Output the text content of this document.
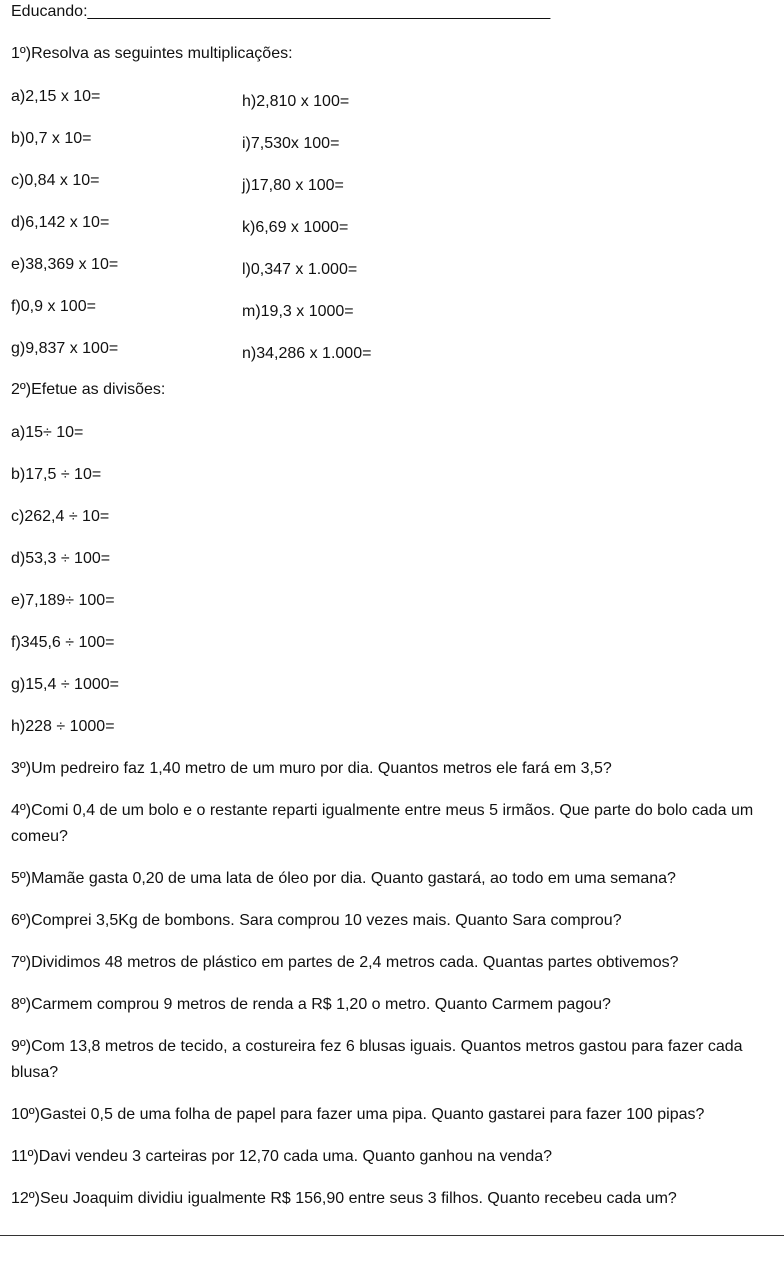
Educando:____________________________________________________
1º)Resolva as seguintes multiplicações:
a)2,15 x 10=
b)0,7 x 10=
c)0,84 x 10=
d)6,142 x 10=
e)38,369 x 10=
f)0,9 x 100=
g)9,837 x 100=
h)2,810 x 100=
i)7,530x 100=
j)17,80 x 100=
k)6,69 x 1000=
l)0,347 x 1.000=
m)19,3 x 1000=
n)34,286 x 1.000=
2º)Efetue as divisões:
a)15÷ 10=
b)17,5 ÷ 10=
c)262,4 ÷ 10=
d)53,3 ÷ 100=
e)7,189÷ 100=
f)345,6 ÷ 100=
g)15,4 ÷ 1000=
h)228 ÷ 1000=
3º)Um pedreiro faz 1,40 metro de um muro por dia. Quantos metros ele fará em 3,5?
4º)Comi 0,4 de um bolo e o restante reparti igualmente entre meus 5 irmãos. Que parte do bolo cada um comeu?
5º)Mamãe gasta 0,20 de uma lata de óleo por dia. Quanto gastará, ao todo em uma semana?
6º)Comprei 3,5Kg de bombons. Sara comprou 10 vezes mais. Quanto Sara comprou?
7º)Dividimos 48 metros de plástico em partes de 2,4 metros cada. Quantas partes obtivemos?
8º)Carmem comprou 9 metros de renda a R$ 1,20 o metro. Quanto Carmem pagou?
9º)Com 13,8 metros de tecido, a costureira fez 6 blusas iguais. Quantos metros gastou para fazer cada blusa?
10º)Gastei 0,5 de uma folha de papel para fazer uma pipa. Quanto gastarei para fazer 100 pipas?
11º)Davi vendeu 3 carteiras por 12,70 cada uma. Quanto ganhou na venda?
12º)Seu Joaquim dividiu igualmente R$ 156,90 entre seus 3 filhos. Quanto recebeu cada um?
